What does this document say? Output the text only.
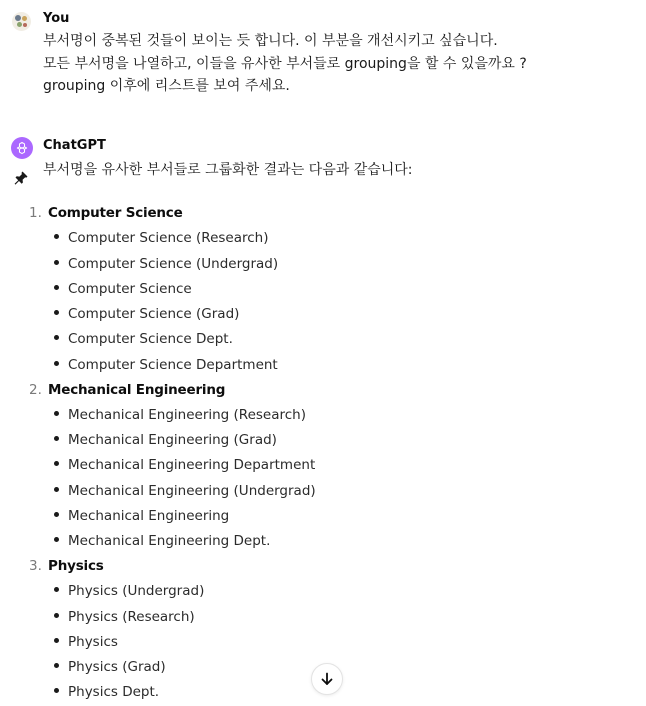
You
부서명이 중복된 것들이 보이는 듯 합니다. 이 부분을 개선시키고 싶습니다.
모든 부서명을 나열하고, 이들을 유사한 부서들로 grouping을 할 수 있을까요 ?
grouping 이후에 리스트를 보여 주세요.
ChatGPT
부서명을 유사한 부서들로 그룹화한 결과는 다음과 같습니다:
1. Computer Science
Computer Science (Research)
Computer Science (Undergrad)
Computer Science
Computer Science (Grad)
Computer Science Dept.
Computer Science Department
2. Mechanical Engineering
Mechanical Engineering (Research)
Mechanical Engineering (Grad)
Mechanical Engineering Department
Mechanical Engineering (Undergrad)
Mechanical Engineering
Mechanical Engineering Dept.
3. Physics
Physics (Undergrad)
Physics (Research)
Physics
Physics (Grad)
Physics Dept.
